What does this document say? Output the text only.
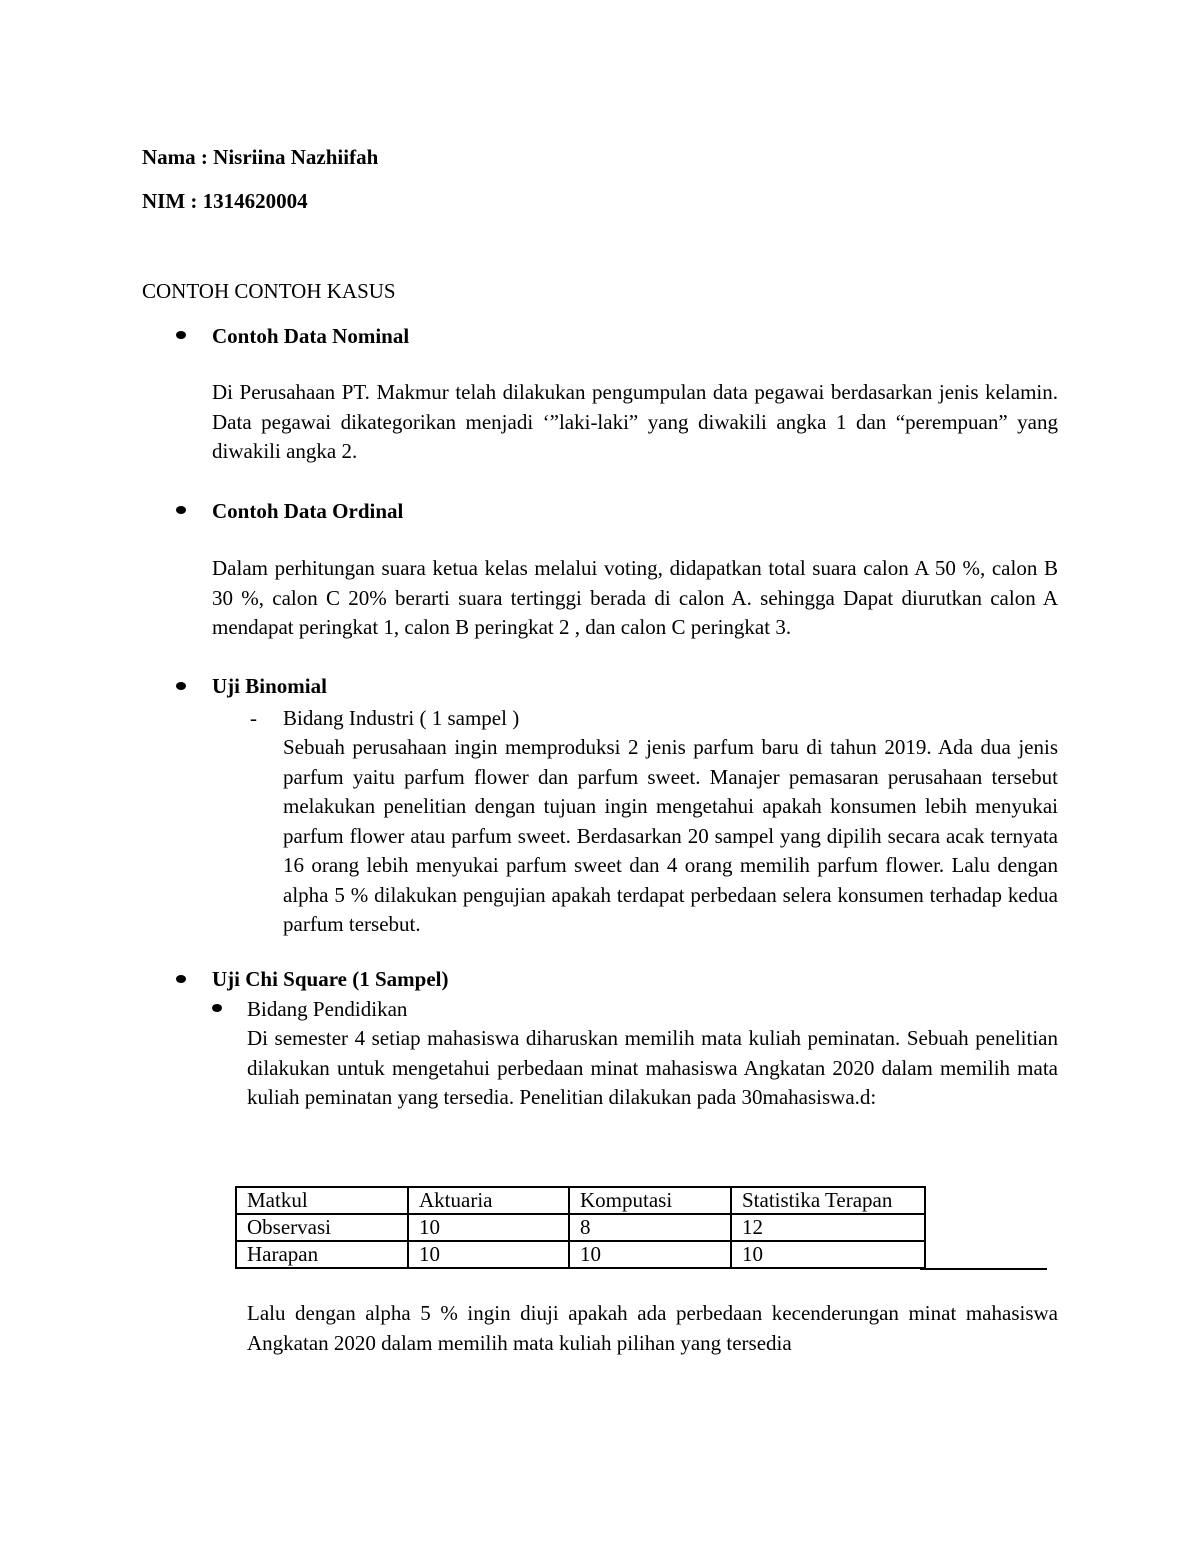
Nama : Nisriina Nazhiifah
NIM : 1314620004
CONTOH CONTOH KASUS
Contoh Data Nominal

Di Perusahaan PT. Makmur telah dilakukan pengumpulan data pegawai berdasarkan jenis kelamin. Data pegawai dikategorikan menjadi ‘”laki-laki” yang diwakili angka 1 dan “perempuan” yang diwakili angka 2.

Contoh Data Ordinal

Dalam perhitungan suara ketua kelas melalui voting, didapatkan total suara calon A 50 %, calon B 30 %, calon C 20% berarti suara tertinggi berada di calon A. sehingga Dapat diurutkan calon A mendapat peringkat 1, calon B peringkat 2 , dan calon C peringkat 3.

Uji Binomial
- Bidang Industri ( 1 sampel )

Sebuah perusahaan ingin memproduksi 2 jenis parfum baru di tahun 2019. Ada dua jenis parfum yaitu parfum flower dan parfum sweet. Manajer pemasaran perusahaan tersebut melakukan penelitian dengan tujuan ingin mengetahui apakah konsumen lebih menyukai parfum flower atau parfum sweet. Berdasarkan 20 sampel yang dipilih secara acak ternyata 16 orang lebih menyukai parfum sweet dan 4 orang memilih parfum flower. Lalu dengan alpha 5 % dilakukan pengujian apakah terdapat perbedaan selera konsumen terhadap kedua parfum tersebut.

Uji Chi Square (1 Sampel)
Bidang Pendidikan

Di semester 4 setiap mahasiswa diharuskan memilih mata kuliah peminatan. Sebuah penelitian dilakukan untuk mengetahui perbedaan minat mahasiswa Angkatan 2020 dalam memilih mata kuliah peminatan yang tersedia. Penelitian dilakukan pada 30mahasiswa.d:

Matkul	Aktuaria	Komputasi	Statistika Terapan
Observasi	10	8	12
Harapan	10	10	10

Lalu dengan alpha 5 % ingin diuji apakah ada perbedaan kecenderungan minat mahasiswa Angkatan 2020 dalam memilih mata kuliah pilihan yang tersedia
